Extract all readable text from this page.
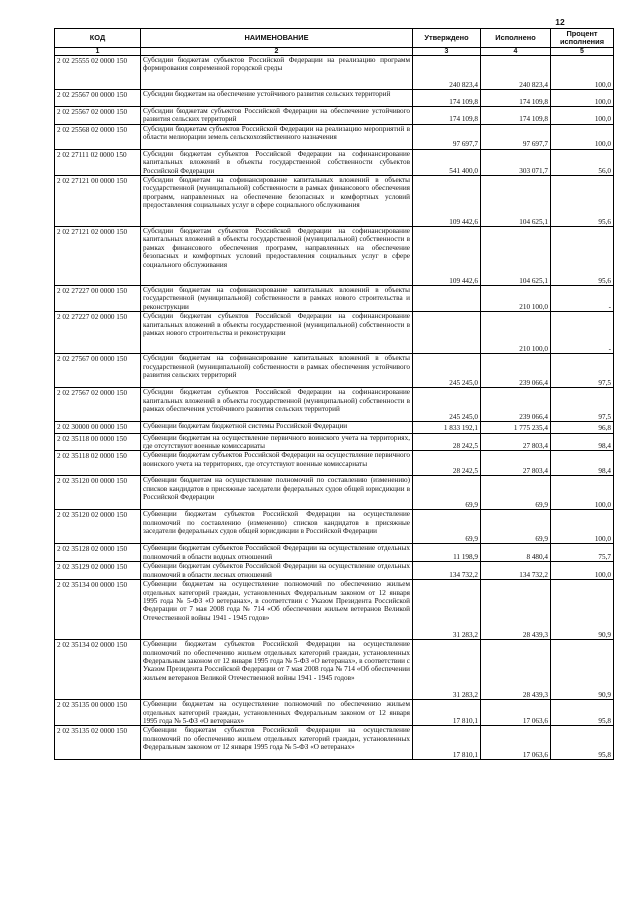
12
КОД	НАИМЕНОВАНИЕ	Утверждено	Исполнено	Процент исполнения
1	2	3	4	5
2 02 25555 02 0000 150	Субсидии бюджетам субъектов Российской Федерации на реализацию программ формирования современной городской среды	240 823,4	240 823,4	100,0
2 02 25567 00 0000 150	Субсидии бюджетам на обеспечение устойчивого развития сельских территорий	174 109,8	174 109,8	100,0
2 02 25567 02 0000 150	Субсидии бюджетам субъектов Российской Федерации на обеспечение устойчивого развития сельских территорий	174 109,8	174 109,8	100,0
2 02 25568 02 0000 150	Субсидии бюджетам субъектов Российской Федерации на реализацию мероприятий в области мелиорации земель сельскохозяйственного назначения	97 697,7	97 697,7	100,0
2 02 27111 02 0000 150	Субсидии бюджетам субъектов Российской Федерации на софинансирование капитальных вложений в объекты государственной собственности субъектов Российской Федерации	541 400,0	303 071,7	56,0
2 02 27121 00 0000 150	Субсидии бюджетам на софинансирование капитальных вложений в объекты государственной (муниципальной) собственности в рамках финансового обеспечения программ, направленных на обеспечение безопасных и комфортных условий предоставления социальных услуг в сфере социального обслуживания	109 442,6	104 625,1	95,6
2 02 27121 02 0000 150	Субсидии бюджетам субъектов Российской Федерации на софинансирование капитальных вложений в объекты государственной (муниципальной) собственности в рамках финансового обеспечения программ, направленных на обеспечение безопасных и комфортных условий предоставления социальных услуг в сфере социального обслуживания	109 442,6	104 625,1	95,6
2 02 27227 00 0000 150	Субсидии бюджетам на софинансирование капитальных вложений в объекты государственной (муниципальной) собственности в рамках нового строительства и реконструкции		210 100,0	-
2 02 27227 02 0000 150	Субсидии бюджетам субъектов Российской Федерации на софинансирование капитальных вложений в объекты государственной (муниципальной) собственности в рамках нового строительства и реконструкции		210 100,0	-
2 02 27567 00 0000 150	Субсидии бюджетам на софинансирование капитальных вложений в объекты государственной (муниципальной) собственности в рамках обеспечения устойчивого развития сельских территорий	245 245,0	239 066,4	97,5
2 02 27567 02 0000 150	Субсидии бюджетам субъектов Российской Федерации на софинансирование капитальных вложений в объекты государственной (муниципальной) собственности в рамках обеспечения устойчивого развития сельских территорий	245 245,0	239 066,4	97,5
2 02 30000 00 0000 150	Субвенции бюджетам бюджетной системы Российской Федерации	1 833 192,1	1 775 235,4	96,8
2 02 35118 00 0000 150	Субвенции бюджетам на осуществление первичного воинского учета на территориях, где отсутствуют военные комиссариаты	28 242,5	27 803,4	98,4
2 02 35118 02 0000 150	Субвенции бюджетам субъектов Российской Федерации на осуществление первичного воинского учета на территориях, где отсутствуют военные комиссариаты	28 242,5	27 803,4	98,4
2 02 35120 00 0000 150	Субвенции бюджетам на осуществление полномочий по составлению (изменению) списков кандидатов в присяжные заседатели федеральных судов общей юрисдикции в Российской Федерации	69,9	69,9	100,0
2 02 35120 02 0000 150	Субвенции бюджетам субъектов Российской Федерации на осуществление полномочий по составлению (изменению) списков кандидатов в присяжные заседатели федеральных судов общей юрисдикции в Российской Федерации	69,9	69,9	100,0
2 02 35128 02 0000 150	Субвенции бюджетам субъектов Российской Федерации на осуществление отдельных полномочий в области водных отношений	11 198,9	8 480,4	75,7
2 02 35129 02 0000 150	Субвенции бюджетам субъектов Российской Федерации на осуществление отдельных полномочий в области лесных отношений	134 732,2	134 732,2	100,0
2 02 35134 00 0000 150	Субвенции бюджетам на осуществление полномочий по обеспечению жильем отдельных категорий граждан, установленных Федеральным законом от 12 января 1995 года № 5-ФЗ «О ветеранах», в соответствии с Указом Президента Российской Федерации от 7 мая 2008 года № 714 «Об обеспечении жильем ветеранов Великой Отечественной войны 1941 - 1945 годов»	31 283,2	28 439,3	90,9
2 02 35134 02 0000 150	Субвенции бюджетам субъектов Российской Федерации на осуществление полномочий по обеспечению жильем отдельных категорий граждан, установленных Федеральным законом от 12 января 1995 года № 5-ФЗ «О ветеранах», в соответствии с Указом Президента Российской Федерации от 7 мая 2008 года № 714 «Об обеспечении жильем ветеранов Великой Отечественной войны 1941 - 1945 годов»	31 283,2	28 439,3	90,9
2 02 35135 00 0000 150	Субвенции бюджетам на осуществление полномочий по обеспечению жильем отдельных категорий граждан, установленных Федеральным законом от 12 января 1995 года № 5-ФЗ «О ветеранах»	17 810,1	17 063,6	95,8
2 02 35135 02 0000 150	Субвенции бюджетам субъектов Российской Федерации на осуществление полномочий по обеспечению жильем отдельных категорий граждан, установленных Федеральным законом от 12 января 1995 года № 5-ФЗ «О ветеранах»	17 810,1	17 063,6	95,8
